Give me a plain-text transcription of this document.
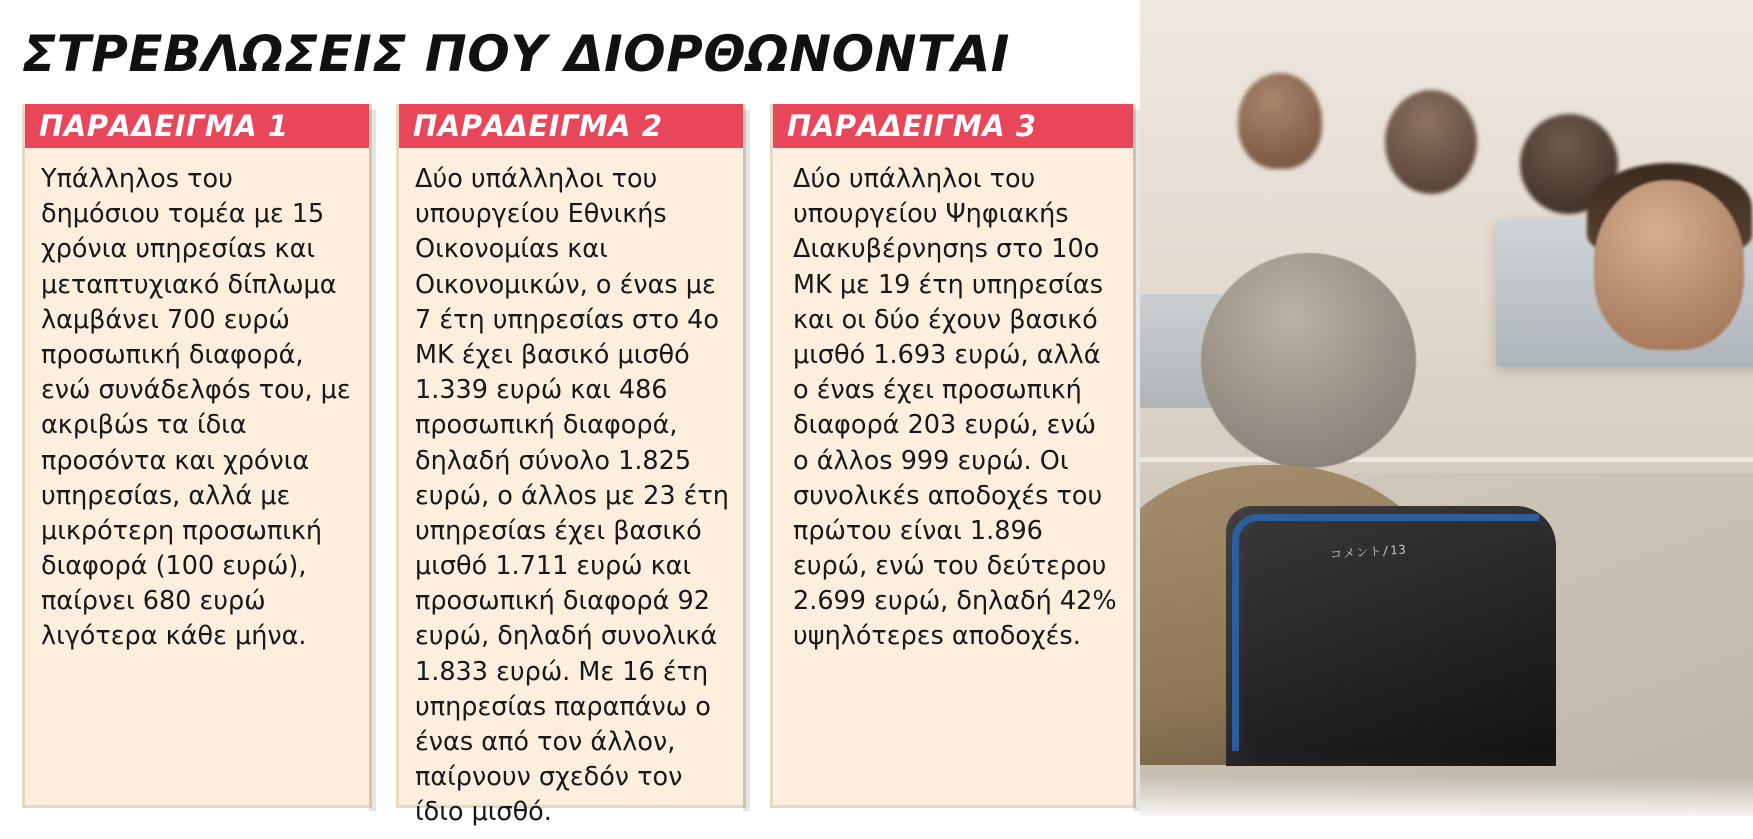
コメント/13
ΣΤΡΕΒΛΩΣΕΙΣ ΠΟΥ ΔΙΟΡΘΩΝΟΝΤΑΙ
ΠΑΡΑΔΕΙΓΜΑ 1
Υπάλληλοs του δημόσιου τομέα με 15 χρόνια υπηρεσίαs και μεταπτυχιακό δίπλωμα λαμβάνει 700 ευρώ προσωπική διαφορά, ενώ συνάδελφόs του, με ακριβώs τα ίδια προσόντα και χρόνια υπηρεσίαs, αλλά με μικρότερη προσωπική διαφορά (100 ευρώ), παίρνει 680 ευρώ λιγότερα κάθε μήνα.
ΠΑΡΑΔΕΙΓΜΑ 2
Δύο υπάλληλοι του υπουργείου Εθνικήs Οικονομίαs και Οικονομικών, ο έναs με 7 έτη υπηρεσίαs στο 4ο ΜΚ έχει βασικό μισθό 1.339 ευρώ και 486 προσωπική διαφορά, δηλαδή σύνολο 1.825 ευρώ, ο άλλοs με 23 έτη υπηρεσίαs έχει βασικό μισθό 1.711 ευρώ και προσωπική διαφορά 92 ευρώ, δηλαδή συνολικά 1.833 ευρώ. Με 16 έτη υπηρεσίαs παραπάνω ο έναs από τον άλλον, παίρνουν σχεδόν τον ίδιο μισθό.
ΠΑΡΑΔΕΙΓΜΑ 3
Δύο υπάλληλοι του υπουργείου Ψηφιακήs Διακυβέρνησηs στο 10ο ΜΚ με 19 έτη υπηρεσίαs και οι δύο έχουν βασικό μισθό 1.693 ευρώ, αλλά ο έναs έχει προσωπική διαφορά 203 ευρώ, ενώ ο άλλοs 999 ευρώ. Οι συνολικέs αποδοχέs του πρώτου είναι 1.896 ευρώ, ενώ του δεύτερου 2.699 ευρώ, δηλαδή 42% υψηλότερεs αποδοχέs.
